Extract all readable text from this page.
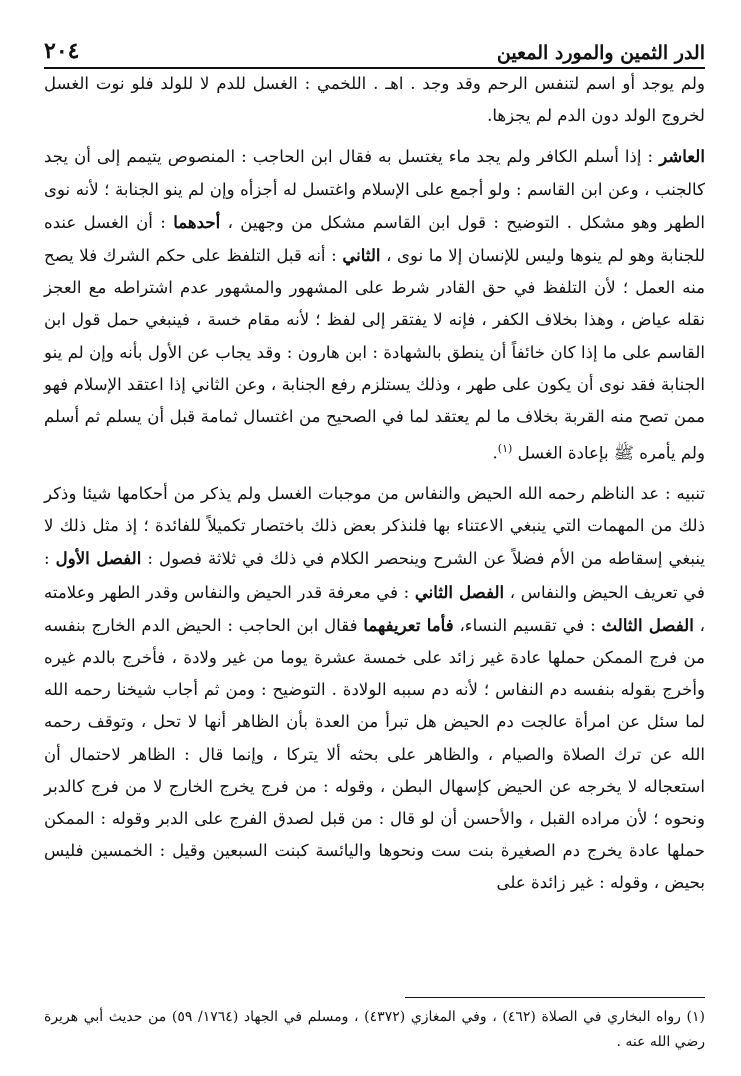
الدر الثمين والمورد المعين
٢٠٤

ولم يوجد أو اسم لتنفس الرحم وقد وجد . اهـ . اللخمي : الغسل للدم لا للولد فلو نوت الغسل لخروج الولد دون الدم لم يجزها.

العاشر : إذا أسلم الكافر ولم يجد ماء يغتسل به فقال ابن الحاجب : المنصوص يتيمم إلى أن يجد كالجنب ، وعن ابن القاسم : ولو أجمع على الإسلام واغتسل له أجزأه وإن لم ينو الجنابة ؛ لأنه نوى الطهر وهو مشكل . التوضيح : قول ابن القاسم مشكل من وجهين ، أحدهما : أن الغسل عنده للجنابة وهو لم ينوها وليس للإنسان إلا ما نوى ، الثاني : أنه قبل التلفظ على حكم الشرك فلا يصح منه العمل ؛ لأن التلفظ في حق القادر شرط على المشهور والمشهور عدم اشتراطه مع العجز نقله عياض ، وهذا بخلاف الكفر ، فإنه لا يفتقر إلى لفظ ؛ لأنه مقام خسة ، فينبغي حمل قول ابن القاسم على ما إذا كان خائفاً أن ينطق بالشهادة : ابن هارون : وقد يجاب عن الأول بأنه وإن لم ينو الجنابة فقد نوى أن يكون على طهر ، وذلك يستلزم رفع الجنابة ، وعن الثاني إذا اعتقد الإسلام فهو ممن تصح منه القربة بخلاف ما لم يعتقد لما في الصحيح من اغتسال ثمامة قبل أن يسلم ثم أسلم ولم يأمره ﷺ بإعادة الغسل $^{(١)}$.

تنبيه : عد الناظم رحمه الله الحيض والنفاس من موجبات الغسل ولم يذكر من أحكامها شيئا وذكر ذلك من المهمات التي ينبغي الاعتناء بها فلنذكر بعض ذلك باختصار تكميلاً للفائدة ؛ إذ مثل ذلك لا ينبغي إسقاطه من الأم فضلاً عن الشرح وينحصر الكلام في ذلك في ثلاثة فصول : الفصل الأول : في تعريف الحيض والنفاس ، الفصل الثاني : في معرفة قدر الحيض والنفاس وقدر الطهر وعلامته ، الفصل الثالث : في تقسيم النساء، فأما تعريفهما فقال ابن الحاجب : الحيض الدم الخارج بنفسه من فرج الممكن حملها عادة غير زائد على خمسة عشرة يوما من غير ولادة ، فأخرج بالدم غيره وأخرج بقوله بنفسه دم النفاس ؛ لأنه دم سببه الولادة . التوضيح : ومن ثم أجاب شيخنا رحمه الله لما سئل عن امرأة عالجت دم الحيض هل تبرأ من العدة بأن الظاهر أنها لا تحل ، وتوقف رحمه الله عن ترك الصلاة والصيام ، والظاهر على بحثه ألا يتركا ، وإنما قال : الظاهر لاحتمال أن استعجاله لا يخرجه عن الحيض كإسهال البطن ، وقوله : من فرج يخرج الخارج لا من فرج كالدبر ونحوه ؛ لأن مراده القبل ، والأحسن أن لو قال : من قبل لصدق الفرج على الدبر وقوله : الممكن حملها عادة يخرج دم الصغيرة بنت ست ونحوها واليائسة كبنت السبعين وقيل : الخمسين فليس بحيض ، وقوله : غير زائدة على

(١) رواه البخاري في الصلاة (٤٦٢) ، وفي المغازي (٤٣٧٢) ، ومسلم في الجهاد (١٧٦٤/ ٥٩) من حديث أبي هريرة رضي الله عنه .
